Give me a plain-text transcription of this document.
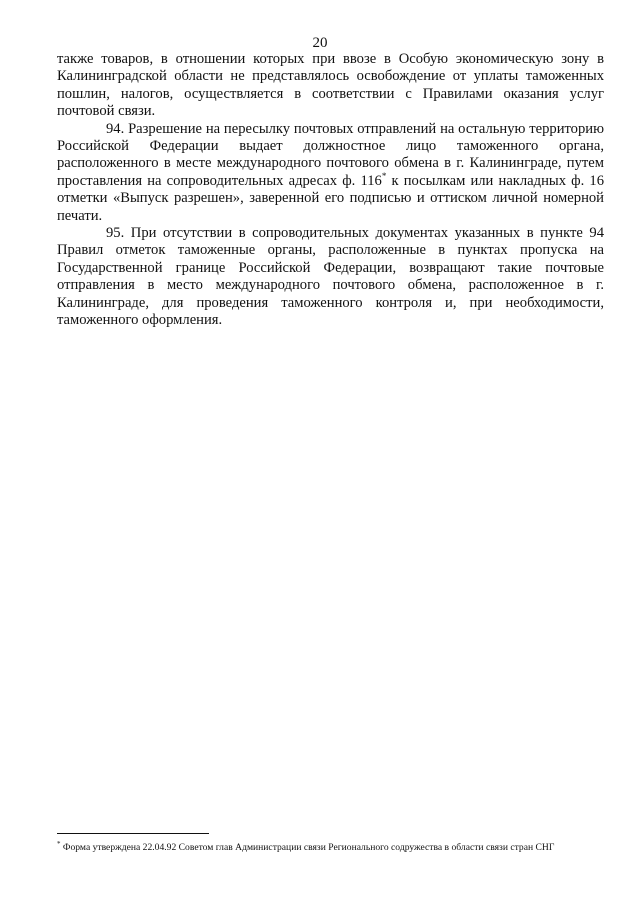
20

также товаров, в отношении которых при ввозе в Особую экономическую зону в Калининградской области не представлялось освобождение от уплаты таможенных пошлин, налогов, осуществляется в соответствии с Правилами оказания услуг почтовой связи.

94. Разрешение на пересылку почтовых отправлений на остальную территорию Российской Федерации выдает должностное лицо таможенного органа, расположенного в месте международного почтового обмена в г. Калининграде, путем проставления на сопроводительных адресах ф. 116* к посылкам или накладных ф. 16 отметки «Выпуск разрешен», заверенной его подписью и оттиском личной номерной печати.

95. При отсутствии в сопроводительных документах указанных в пункте 94 Правил отметок таможенные органы, расположенные в пунктах пропуска на Государственной границе Российской Федерации, возвращают такие почтовые отправления в место международного почтового обмена, расположенное в г. Калининграде, для проведения таможенного контроля и, при необходимости, таможенного оформления.

* Форма утверждена 22.04.92 Советом глав Администрации связи Регионального содружества в области связи стран СНГ
